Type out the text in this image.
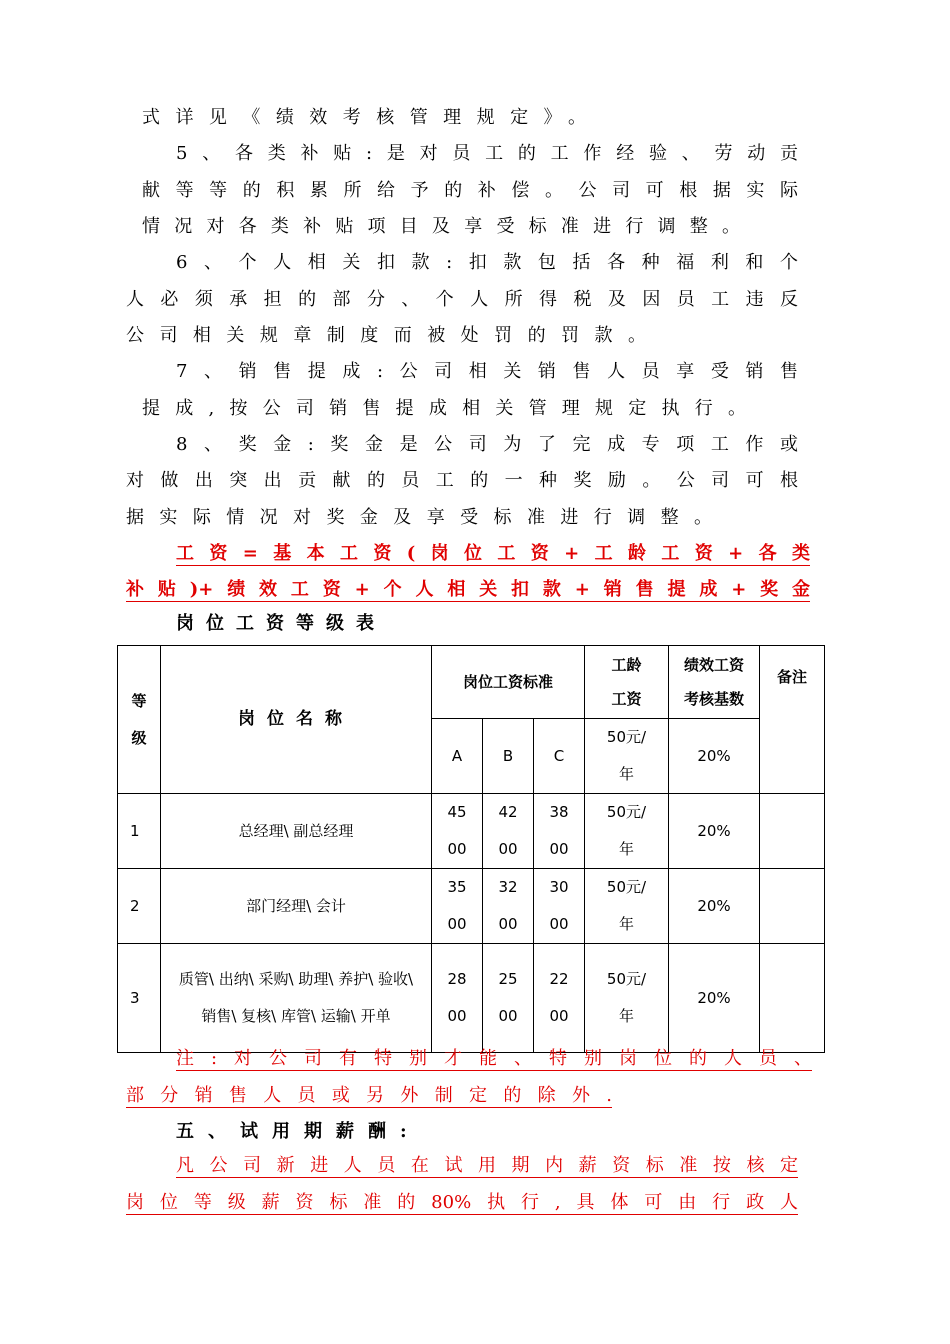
式详见《绩效考核管理规定》。
5、各类补贴:是对员工的工作经验、劳动贡
献等等的积累所给予的补偿。公司可根据实际
情况对各类补贴项目及享受标准进行调整。
6、个人相关扣款:扣款包括各种福利和个
人必须承担的部分、个人所得税及因员工违反
公司相关规章制度而被处罚的罚款。
7、销售提成:公司相关销售人员享受销售
提成,按公司销售提成相关管理规定执行。
8、奖金:奖金是公司为了完成专项工作或
对做出突出贡献的员工的一种奖励。公司可根
据实际情况对奖金及享受标准进行调整。
工资=基本工资(岗位工资+工龄工资+各类
补贴)+绩效工资+个人相关扣款+销售提成+奖金
岗位工资等级表
等级	岗位名称	岗位工资标准			工龄工资	绩效工资考核基数	备注
		A	B	C	50元/年	20%	
1	总经理\ 副总经理	4500	4200	3800	50元/年	20%	
2	部门经理\ 会计	3500	3200	3000	50元/年	20%	
3	质管\ 出纳\ 采购\ 助理\ 养护\ 验收\ 销售\ 复核\ 库管\ 运输\ 开单	2800	2500	2200	50元/年	20%	
注:对公司有特别才能、特别岗位的人员、
部分销售人员或另外制定的除外.
五、试用期薪酬:
凡公司新进人员在试用期内薪资标准按核定
岗位等级薪资标准的80%执行,具体可由行政人
